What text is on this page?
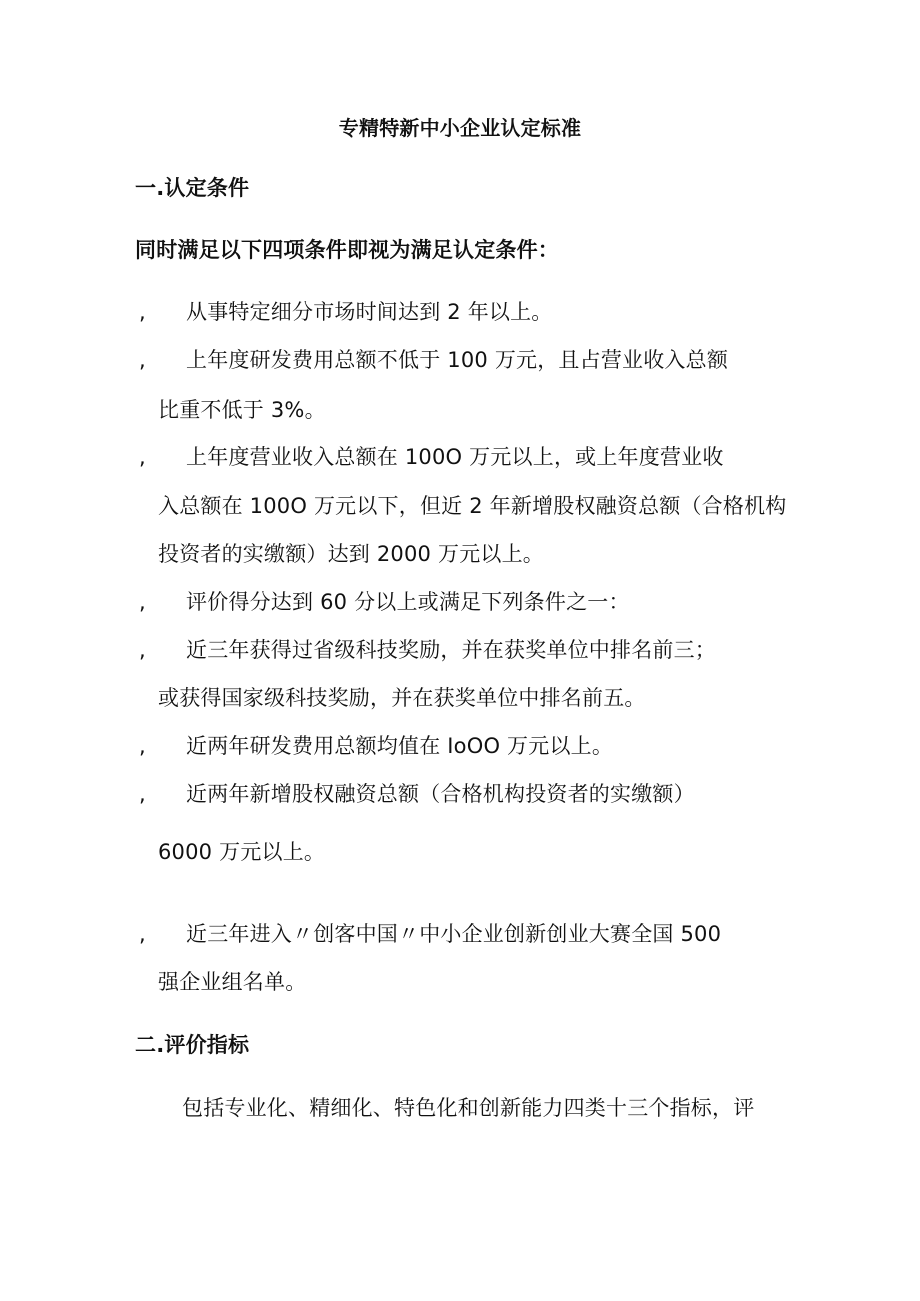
专精特新中小企业认定标准
一.认定条件
同时满足以下四项条件即视为满足认定条件：
, 从事特定细分市场时间达到 2 年以上。
, 上年度研发费用总额不低于 100 万元，且占营业收入总额
比重不低于 3%。
, 上年度营业收入总额在 100O 万元以上，或上年度营业收
入总额在 100O 万元以下，但近 2 年新增股权融资总额（合格机构
投资者的实缴额）达到 2000 万元以上。
, 评价得分达到 60 分以上或满足下列条件之一：
, 近三年获得过省级科技奖励，并在获奖单位中排名前三；
或获得国家级科技奖励，并在获奖单位中排名前五。
, 近两年研发费用总额均值在 IoOO 万元以上。
, 近两年新增股权融资总额（合格机构投资者的实缴额）
6000 万元以上。
, 近三年进入〃创客中国〃中小企业创新创业大赛全国 500
强企业组名单。
二.评价指标
包括专业化、精细化、特色化和创新能力四类十三个指标，评
